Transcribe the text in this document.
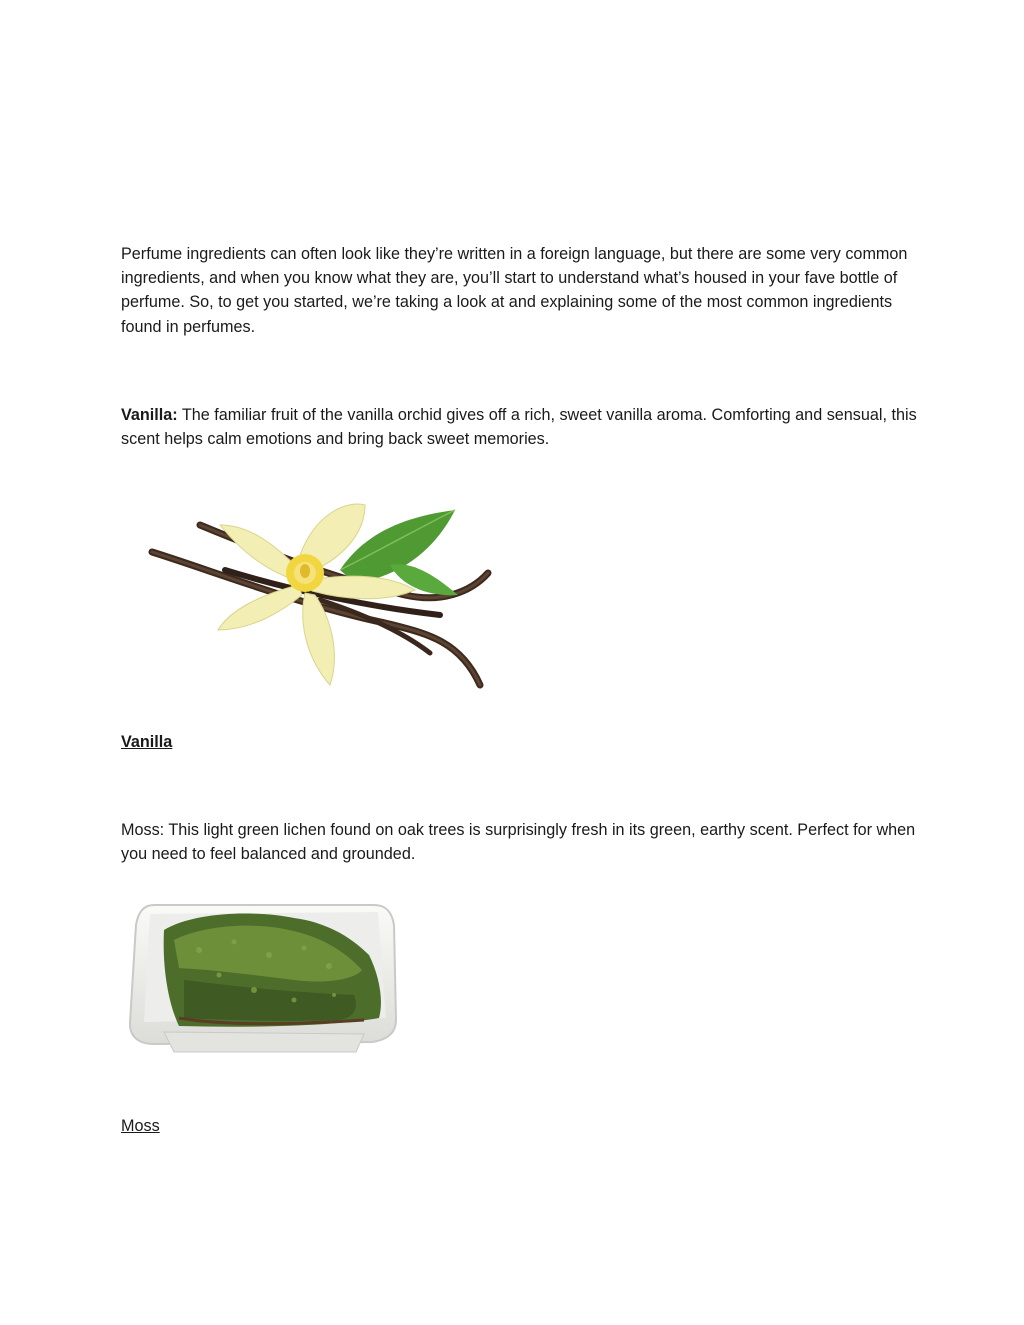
Perfume ingredients can often look like they’re written in a foreign language, but there are some very common ingredients, and when you know what they are, you’ll start to understand what’s housed in your fave bottle of perfume. So, to get you started, we’re taking a look at and explaining some of the most common ingredients found in perfumes.

Vanilla: The familiar fruit of the vanilla orchid gives off a rich, sweet vanilla aroma. Comforting and sensual, this scent helps calm emotions and bring back sweet memories.

Vanilla

Moss: This light green lichen found on oak trees is surprisingly fresh in its green, earthy scent. Perfect for when you need to feel balanced and grounded.

Moss
